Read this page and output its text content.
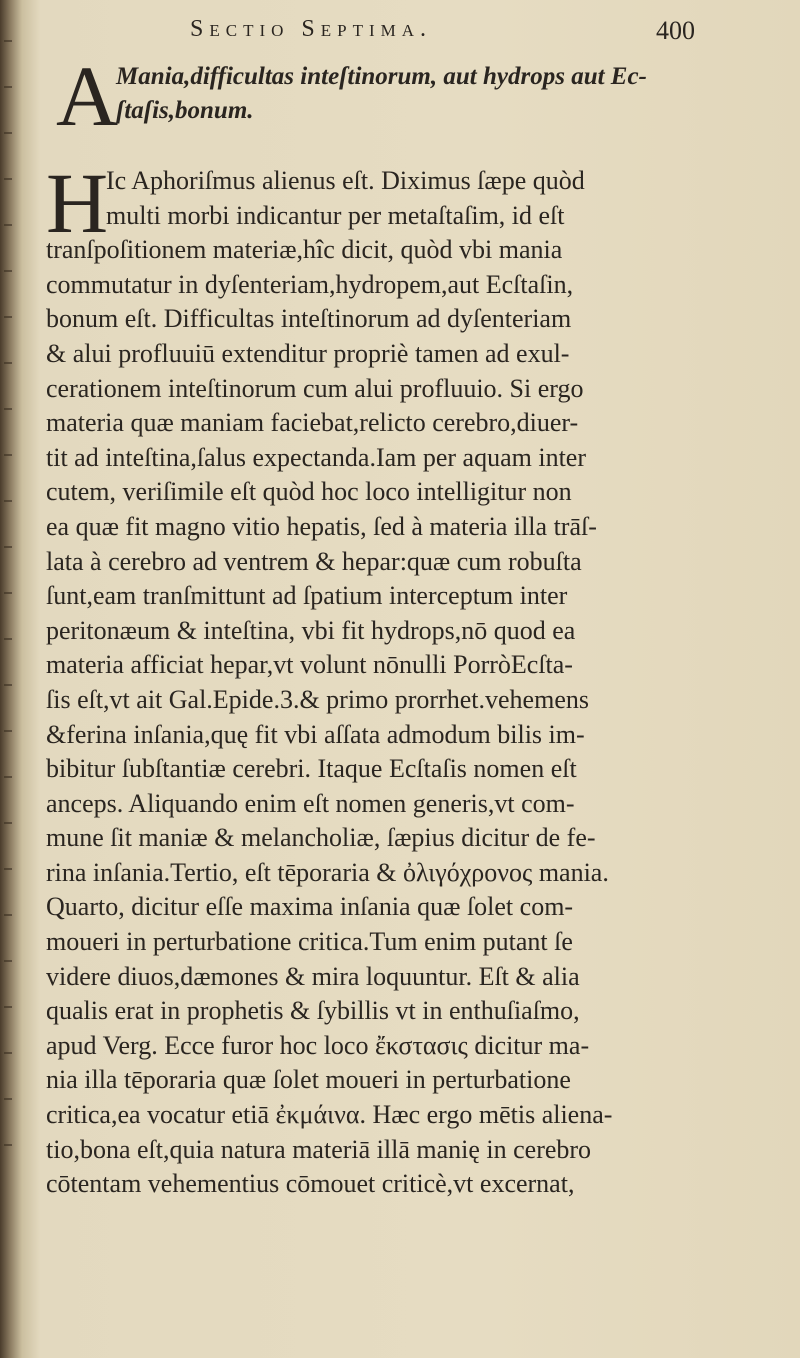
Sectio Septima.	400
A
Mania,difficultas inteſtinorum, aut hydrops aut Ec-
ſtaſis,bonum.
H
Ic Aphoriſmus alienus eſt. Diximus ſæpe quòd
multi morbi indicantur per metaſtaſim, id eſt
tranſpoſitionem materiæ,hîc dicit, quòd vbi mania
commutatur in dyſenteriam,hydropem,aut Ecſtaſin,
bonum eſt. Difficultas inteſtinorum ad dyſenteriam
& alui profluuiū extenditur propriè tamen ad exul-
cerationem inteſtinorum cum alui profluuio. Si ergo
materia quæ maniam faciebat,relicto cerebro,diuer-
tit ad inteſtina,ſalus expectanda.Iam per aquam inter
cutem, veriſimile eſt quòd hoc loco intelligitur non
ea quæ fit magno vitio hepatis, ſed à materia illa trāſ-
lata à cerebro ad ventrem & hepar:quæ cum robuſta
ſunt,eam tranſmittunt ad ſpatium interceptum inter
peritonæum & inteſtina, vbi fit hydrops,nō quod ea
materia afficiat hepar,vt volunt nōnulli PorròEcſta-
ſis eſt,vt ait Gal.Epide.3.& primo prorrhet.vehemens
&ferina inſania,quę fit vbi aſſata admodum bilis im-
bibitur ſubſtantiæ cerebri. Itaque Ecſtaſis nomen eſt
anceps. Aliquando enim eſt nomen generis,vt com-
mune ſit maniæ & melancholiæ, ſæpius dicitur de fe-
rina inſania.Tertio, eſt tēporaria & ὀλιγόχρονος mania.
Quarto, dicitur eſſe maxima inſania quæ ſolet com-
moueri in perturbatione critica.Tum enim putant ſe
videre diuos,dæmones & mira loquuntur. Eſt & alia
qualis erat in prophetis & ſybillis vt in enthuſiaſmo,
apud Verg. Ecce furor hoc loco ἔκστασις dicitur ma-
nia illa tēporaria quæ ſolet moueri in perturbatione
critica,ea vocatur etiā ἐκμάινα. Hæc ergo mētis aliena-
tio,bona eſt,quia natura materiā illā manię in cerebro
cōtentam vehementius cōmouet criticè,vt excernat,
